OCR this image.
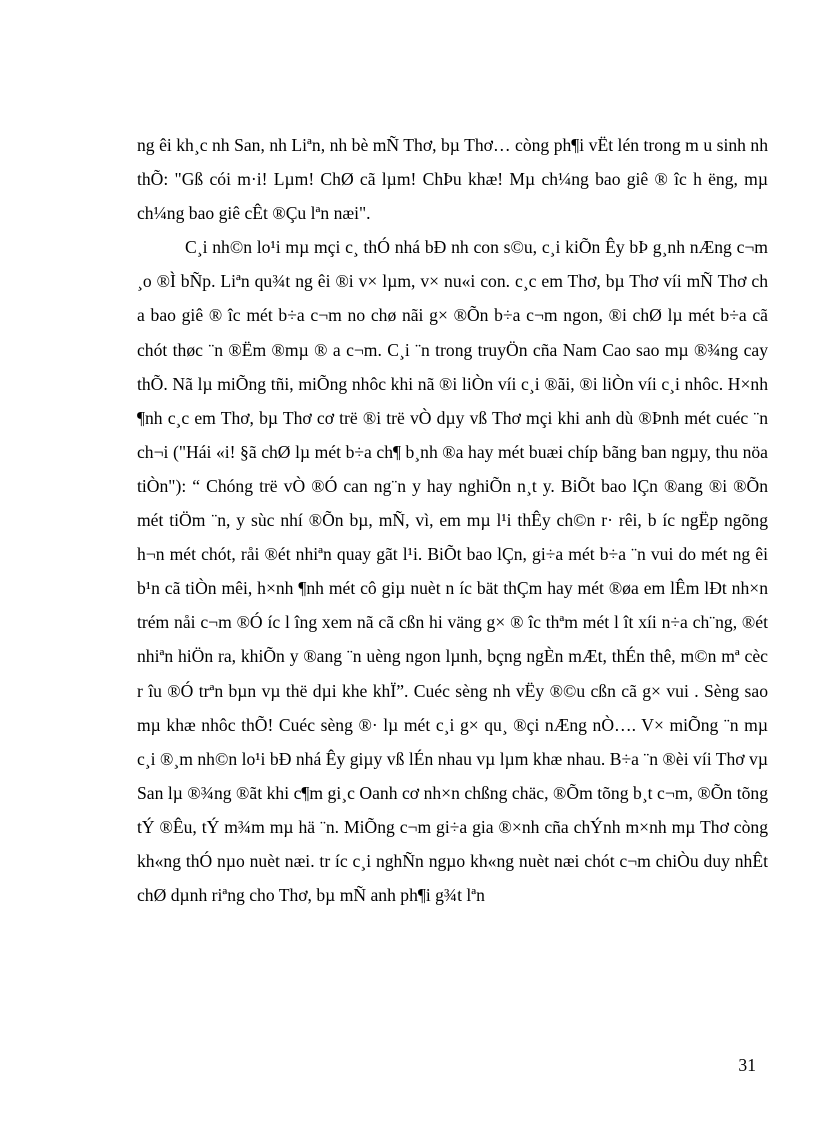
ng êi kh¸c nh San, nh Liªn, nh bè mÑ Thơ, bµ Thơ… còng ph¶i vËt lén trong m u sinh nh thÕ: "Gß cói m·i! Lµm! ChØ cã lµm! ChÞu khæ! Mµ ch¼ng bao giê ® îc h ëng, mµ ch¼ng bao giê cÊt ®Çu lªn næi".

C¸i nh©n lo¹i mµ mçi c¸ thÓ nhá bÐ nh con s©u, c¸i kiÕn Êy bÞ g¸nh nÆng c¬m ¸o ®Ì bÑp. Liªn qu¾t ng êi ®i v× lµm, v× nu«i con. c¸c em Thơ, bµ Thơ víi mÑ Thơ ch a bao giê ® îc mét b÷a c¬m no chø nãi g× ®Õn b÷a c¬m ngon, ®i chØ lµ mét b÷a cã chót thøc ¨n ®Ëm ®mµ ® a c¬m. C¸i ¨n trong truyÖn cña Nam Cao sao mµ ®¾ng cay thÕ. Nã lµ miÕng tñi, miÕng nhôc khi nã ®i liÒn víi c¸i ®ãi, ®i liÒn víi c¸i nhôc. H×nh ¶nh c¸c em Thơ, bµ Thơ cơ trë ®i trë vÒ dµy vß Thơ mçi khi anh dù ®Þnh mét cuéc ¨n ch¬i ("Hái «i! §ã chØ lµ mét b÷a ch¶ b¸nh ®a hay mét buæi chíp bãng ban ngµy, thu nöa tiÒn"): “ Chóng trë vÒ ®Ó can ng¨n y hay nghiÕn n¸t y. BiÕt bao lÇn ®ang ®i ®Õn mét tiÖm ¨n, y sùc nhí ®Õn bµ, mÑ, vì, em mµ l¹i thÊy ch©n r· rêi, b íc ngËp ngõng h¬n mét chót, råi ®ét nhiªn quay gãt l¹i. BiÕt bao lÇn, gi÷a mét b÷a ¨n vui do mét ng êi b¹n cã tiÒn mêi, h×nh ¶nh mét cô giµ nuèt n íc bät thÇm hay mét ®øa em lÊm lÐt nh×n trém nåi c¬m ®Ó íc l îng xem nã cã cßn hi väng g× ® îc thªm mét l ît xíi n÷a ch¨ng, ®ét nhiªn hiÖn ra, khiÕn y ®ang ¨n uèng ngon lµnh, bçng ngÈn mÆt, thÉn thê, m©n mª cèc r îu ®Ó trªn bµn vµ thë dµi khe khÏ”. Cuéc sèng nh vËy ®©u cßn cã g× vui . Sèng sao mµ khæ nhôc thÕ! Cuéc sèng ®· lµ mét c¸i g× qu¸ ®çi nÆng nÒ…. V× miÕng ¨n mµ c¸i ®¸m nh©n lo¹i bÐ nhá Êy giµy vß lÉn nhau vµ lµm khæ nhau. B÷a ¨n ®èi víi Thơ vµ San lµ ®¾ng ®ãt khi c¶m gi¸c Oanh cơ nh×n chßng chäc, ®Õm tõng b¸t c¬m, ®Õn tõng tÝ ®Êu, tÝ m¾m mµ hä ¨n. MiÕng c¬m gi÷a gia ®×nh cña chÝnh m×nh mµ Thơ còng kh«ng thÓ nµo nuèt næi. tr íc c¸i nghÑn ngµo kh«ng nuèt næi chót c¬m chiÒu duy nhÊt chØ dµnh riªng cho Thơ, bµ mÑ anh ph¶i g¾t lªn

31
